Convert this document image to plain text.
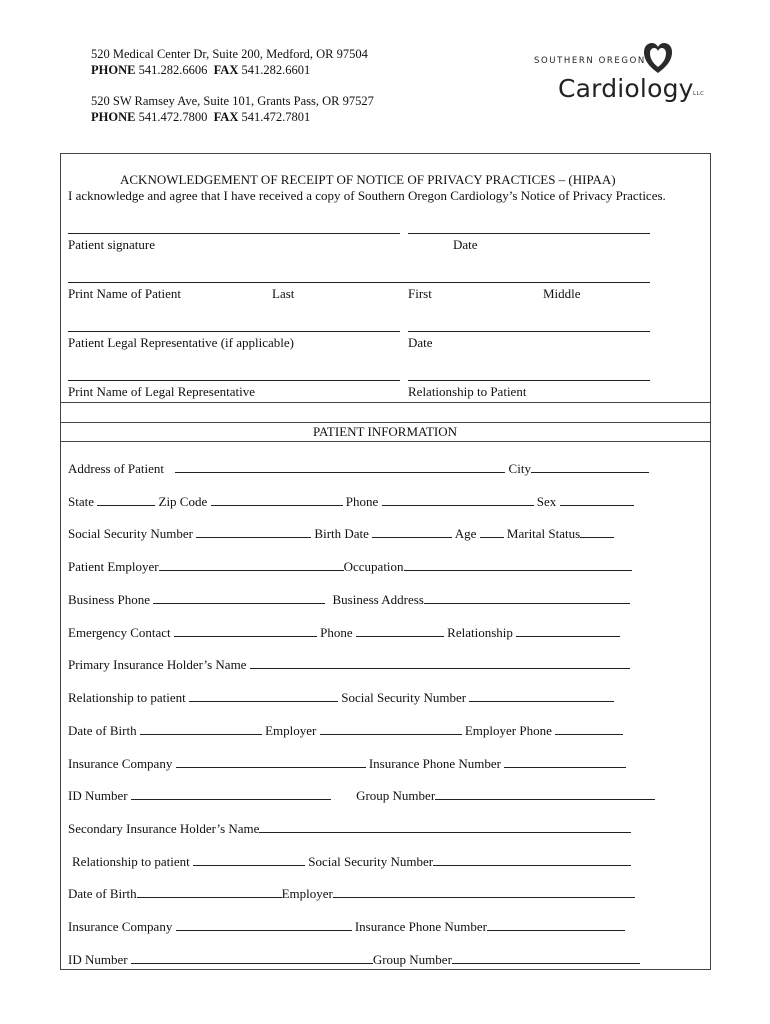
520 Medical Center Dr, Suite 200, Medford, OR 97504
PHONE 541.282.6606 FAX 541.282.6601
520 SW Ramsey Ave, Suite 101, Grants Pass, OR 97527
PHONE 541.472.7800 FAX 541.472.7801
SOUTHERN OREGON
Cardiology LLC
ACKNOWLEDGEMENT OF RECEIPT OF NOTICE OF PRIVACY PRACTICES – (HIPAA)
I acknowledge and agree that I have received a copy of Southern Oregon Cardiology’s Notice of Privacy Practices.
Patient signature	Date
Print Name of Patient	Last	First	Middle
Patient Legal Representative (if applicable)	Date
Print Name of Legal Representative	Relationship to Patient
PATIENT INFORMATION
Address of Patient	City
State	Zip Code	Phone	Sex
Social Security Number	Birth Date	Age Marital Status
Patient Employer	Occupation
Business Phone	Business Address
Emergency Contact	Phone	Relationship
Primary Insurance Holder’s Name
Relationship to patient	Social Security Number
Date of Birth	Employer	Employer Phone
Insurance Company	Insurance Phone Number
ID Number	Group Number
Secondary Insurance Holder’s Name
Relationship to patient	Social Security Number
Date of Birth	Employer
Insurance Company	Insurance Phone Number
ID Number	Group Number
